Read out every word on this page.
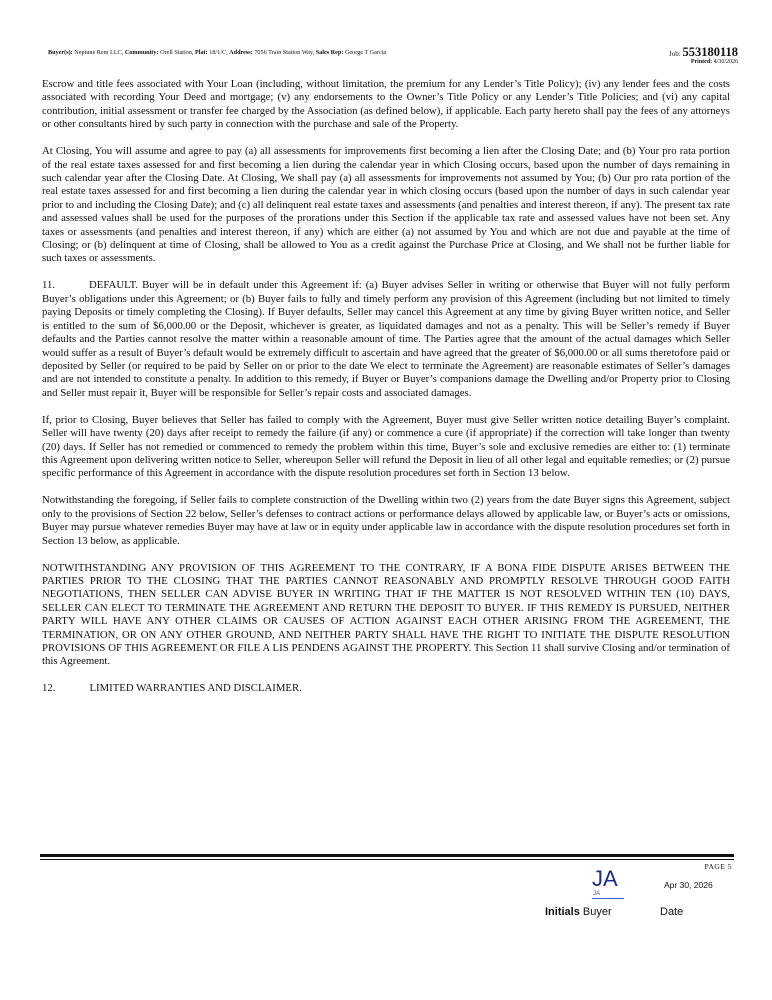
Buyer(s): Neptune Rem LLC, Community: Orell Station, Plat: 18/1/C, Address: 7056 Train Station Way, Sales Rep: George T Garcia	Job: 553180118
Printed: 4/30/2026

Escrow and title fees associated with Your Loan (including, without limitation, the premium for any Lender’s Title Policy); (iv) any lender fees and the costs associated with recording Your Deed and mortgage; (v) any endorsements to the Owner’s Title Policy or any Lender’s Title Policies; and (vi) any capital contribution, initial assessment or transfer fee charged by the Association (as defined below), if applicable. Each party hereto shall pay the fees of any attorneys or other consultants hired by such party in connection with the purchase and sale of the Property.

At Closing, You will assume and agree to pay (a) all assessments for improvements first becoming a lien after the Closing Date; and (b) Your pro rata portion of the real estate taxes assessed for and first becoming a lien during the calendar year in which Closing occurs, based upon the number of days remaining in such calendar year after the Closing Date. At Closing, We shall pay (a) all assessments for improvements not assumed by You; (b) Our pro rata portion of the real estate taxes assessed for and first becoming a lien during the calendar year in which closing occurs (based upon the number of days in such calendar year prior to and including the Closing Date); and (c) all delinquent real estate taxes and assessments (and penalties and interest thereon, if any). The present tax rate and assessed values shall be used for the purposes of the prorations under this Section if the applicable tax rate and assessed values have not been set. Any taxes or assessments (and penalties and interest thereon, if any) which are either (a) not assumed by You and which are not due and payable at the time of Closing; or (b) delinquent at time of Closing, shall be allowed to You as a credit against the Purchase Price at Closing, and We shall not be further liable for such taxes or assessments.

11.	DEFAULT. Buyer will be in default under this Agreement if: (a) Buyer advises Seller in writing or otherwise that Buyer will not fully perform Buyer’s obligations under this Agreement; or (b) Buyer fails to fully and timely perform any provision of this Agreement (including but not limited to timely paying Deposits or timely completing the Closing). If Buyer defaults, Seller may cancel this Agreement at any time by giving Buyer written notice, and Seller is entitled to the sum of $6,000.00 or the Deposit, whichever is greater, as liquidated damages and not as a penalty. This will be Seller’s remedy if Buyer defaults and the Parties cannot resolve the matter within a reasonable amount of time. The Parties agree that the amount of the actual damages which Seller would suffer as a result of Buyer’s default would be extremely difficult to ascertain and have agreed that the greater of $6,000.00 or all sums theretofore paid or deposited by Seller (or required to be paid by Seller on or prior to the date We elect to terminate the Agreement) are reasonable estimates of Seller’s damages and are not intended to constitute a penalty. In addition to this remedy, if Buyer or Buyer’s companions damage the Dwelling and/or Property prior to Closing and Seller must repair it, Buyer will be responsible for Seller’s repair costs and associated damages.

If, prior to Closing, Buyer believes that Seller has failed to comply with the Agreement, Buyer must give Seller written notice detailing Buyer’s complaint. Seller will have twenty (20) days after receipt to remedy the failure (if any) or commence a cure (if appropriate) if the correction will take longer than twenty (20) days. If Seller has not remedied or commenced to remedy the problem within this time, Buyer’s sole and exclusive remedies are either to: (1) terminate this Agreement upon delivering written notice to Seller, whereupon Seller will refund the Deposit in lieu of all other legal and equitable remedies; or (2) pursue specific performance of this Agreement in accordance with the dispute resolution procedures set forth in Section 13 below.

Notwithstanding the foregoing, if Seller fails to complete construction of the Dwelling within two (2) years from the date Buyer signs this Agreement, subject only to the provisions of Section 22 below, Seller’s defenses to contract actions or performance delays allowed by applicable law, or Buyer’s acts or omissions, Buyer may pursue whatever remedies Buyer may have at law or in equity under applicable law in accordance with the dispute resolution procedures set forth in Section 13 below, as applicable.

NOTWITHSTANDING ANY PROVISION OF THIS AGREEMENT TO THE CONTRARY, IF A BONA FIDE DISPUTE ARISES BETWEEN THE PARTIES PRIOR TO THE CLOSING THAT THE PARTIES CANNOT REASONABLY AND PROMPTLY RESOLVE THROUGH GOOD FAITH NEGOTIATIONS, THEN SELLER CAN ADVISE BUYER IN WRITING THAT IF THE MATTER IS NOT RESOLVED WITHIN TEN (10) DAYS, SELLER CAN ELECT TO TERMINATE THE AGREEMENT AND RETURN THE DEPOSIT TO BUYER. IF THIS REMEDY IS PURSUED, NEITHER PARTY WILL HAVE ANY OTHER CLAIMS OR CAUSES OF ACTION AGAINST EACH OTHER ARISING FROM THE AGREEMENT, THE TERMINATION, OR ON ANY OTHER GROUND, AND NEITHER PARTY SHALL HAVE THE RIGHT TO INITIATE THE DISPUTE RESOLUTION PROVISIONS OF THIS AGREEMENT OR FILE A LIS PENDENS AGAINST THE PROPERTY. This Section 11 shall survive Closing and/or termination of this Agreement.

12.	LIMITED WARRANTIES AND DISCLAIMER.

PAGE 5
JA
JA
Apr 30, 2026
Initials Buyer	Date
